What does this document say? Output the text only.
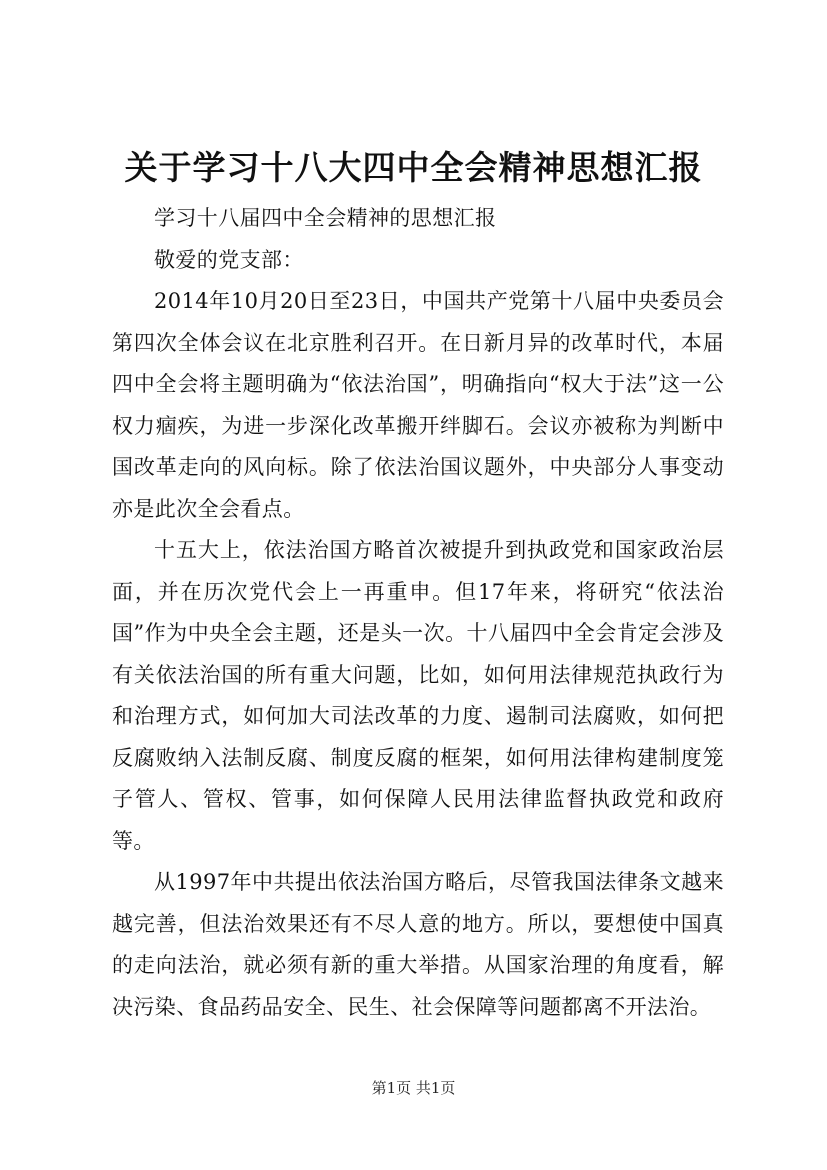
关于学习十八大四中全会精神思想汇报

学习十八届四中全会精神的思想汇报

敬爱的党支部：

2014年10月20日至23日，中国共产党第十八届中央委员会第四次全体会议在北京胜利召开。在日新月异的改革时代，本届四中全会将主题明确为“依法治国”，明确指向“权大于法”这一公权力痼疾，为进一步深化改革搬开绊脚石。会议亦被称为判断中国改革走向的风向标。除了依法治国议题外，中央部分人事变动亦是此次全会看点。

十五大上，依法治国方略首次被提升到执政党和国家政治层面，并在历次党代会上一再重申。但17年来，将研究“依法治国”作为中央全会主题，还是头一次。十八届四中全会肯定会涉及有关依法治国的所有重大问题，比如，如何用法律规范执政行为和治理方式，如何加大司法改革的力度、遏制司法腐败，如何把反腐败纳入法制反腐、制度反腐的框架，如何用法律构建制度笼子管人、管权、管事，如何保障人民用法律监督执政党和政府等。

从1997年中共提出依法治国方略后，尽管我国法律条文越来越完善，但法治效果还有不尽人意的地方。所以，要想使中国真的走向法治，就必须有新的重大举措。从国家治理的角度看，解决污染、食品药品安全、民生、社会保障等问题都离不开法治。

第1页 共1页
